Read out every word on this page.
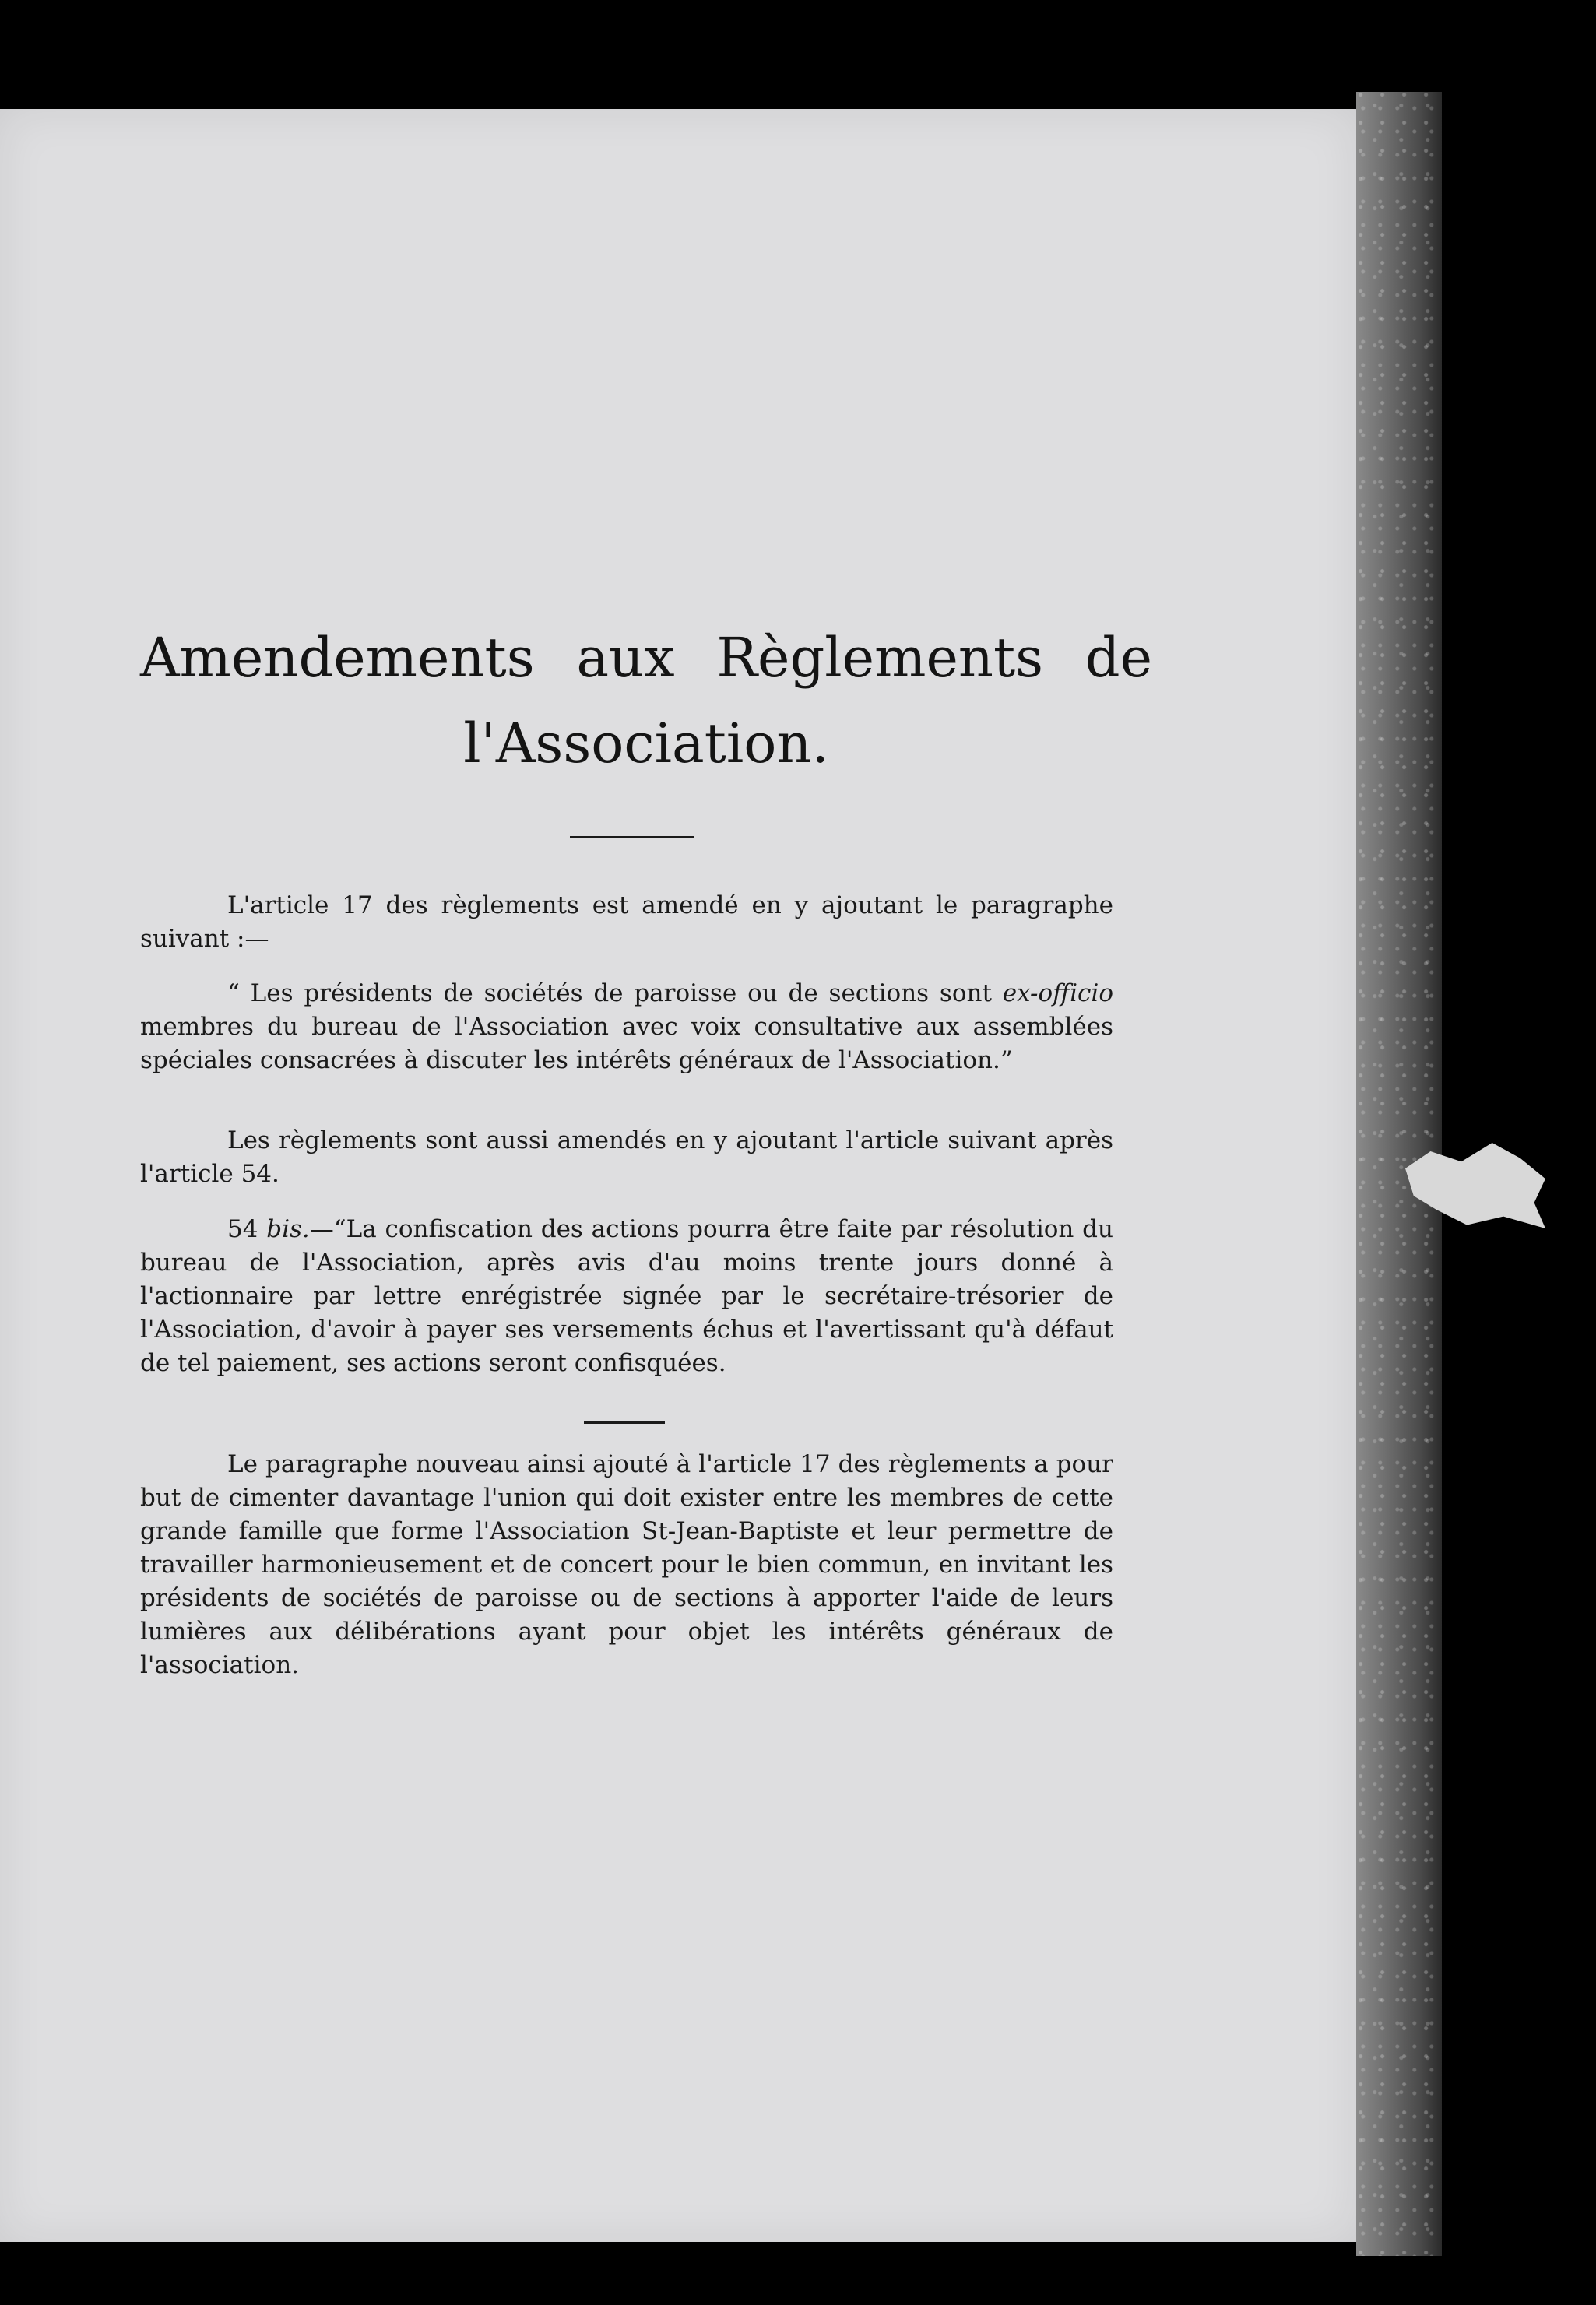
Amendements aux Règlements de
l'Association.

L'article 17 des règlements est amendé en y ajoutant le paragraphe suivant :—

“ Les présidents de sociétés de paroisse ou de sections sont ex-officio membres du bureau de l'Association avec voix consultative aux assemblées spéciales consacrées à discuter les intérêts généraux de l'Association.”

Les règlements sont aussi amendés en y ajoutant l'article suivant après l'article 54.

54 bis.—“La confiscation des actions pourra être faite par résolution du bureau de l'Association, après avis d'au moins trente jours donné à l'actionnaire par lettre enrégistrée signée par le secrétaire-trésorier de l'Association, d'avoir à payer ses versements échus et l'avertissant qu'à défaut de tel paiement, ses actions seront confisquées.

Le paragraphe nouveau ainsi ajouté à l'article 17 des règlements a pour but de cimenter davantage l'union qui doit exister entre les membres de cette grande famille que forme l'Association St-Jean-Baptiste et leur permettre de travailler harmonieusement et de concert pour le bien commun, en invitant les présidents de sociétés de paroisse ou de sections à apporter l'aide de leurs lumières aux délibérations ayant pour objet les intérêts généraux de l'association.
